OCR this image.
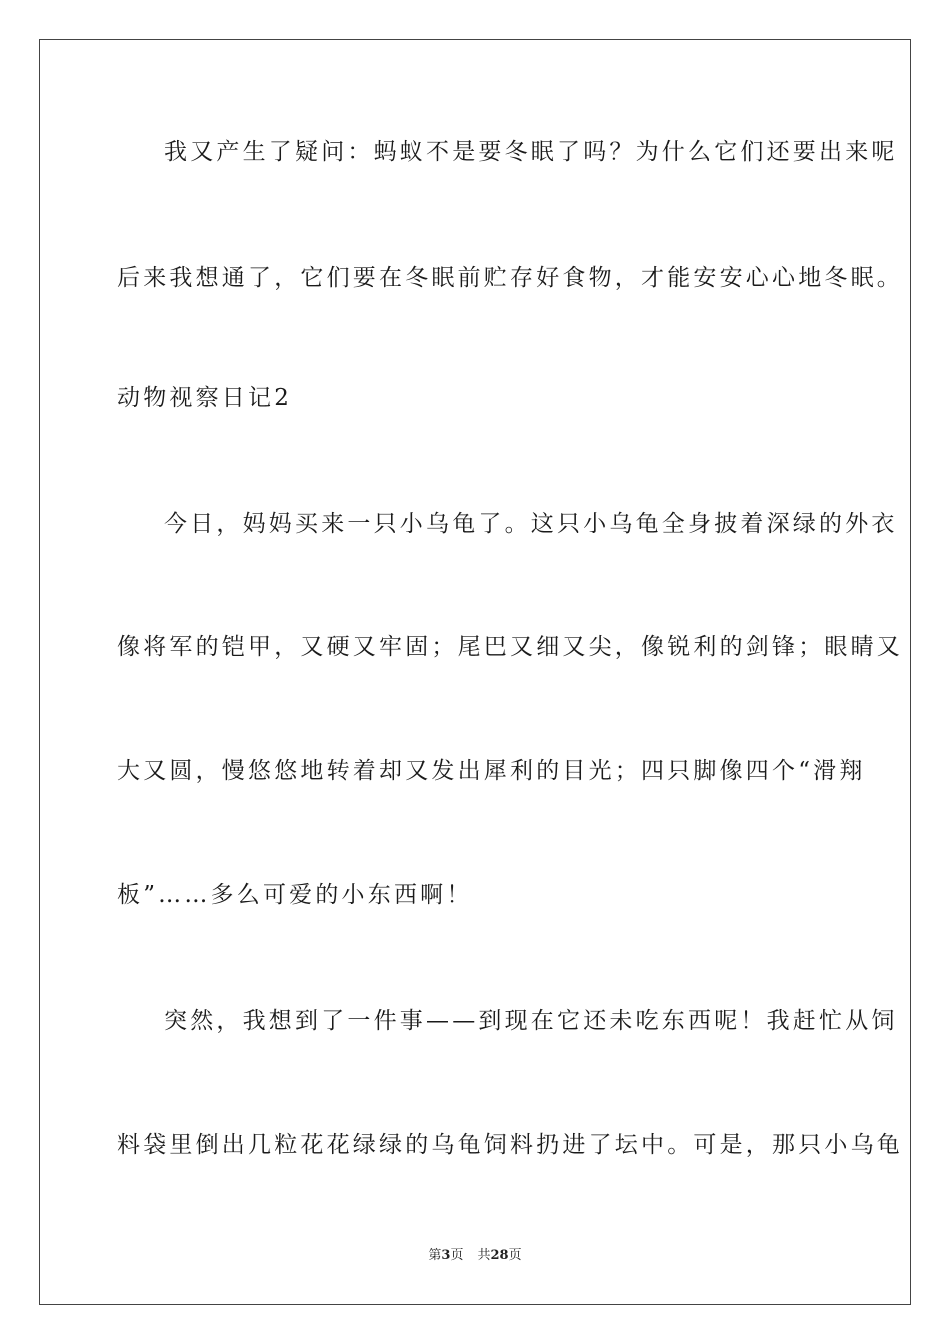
我又产生了疑问：蚂蚁不是要冬眠了吗？为什么它们还要出来呢
后来我想通了，它们要在冬眠前贮存好食物，才能安安心心地冬眠。
动物视察日记2
今日，妈妈买来一只小乌龟了。这只小乌龟全身披着深绿的外衣
像将军的铠甲，又硬又牢固；尾巴又细又尖，像锐利的剑锋；眼睛又
大又圆，慢悠悠地转着却又发出犀利的目光；四只脚像四个“滑翔
板”……多么可爱的小东西啊！
突然，我想到了一件事——到现在它还未吃东西呢！我赶忙从饲
料袋里倒出几粒花花绿绿的乌龟饲料扔进了坛中。可是，那只小乌龟
第3页 共28页
